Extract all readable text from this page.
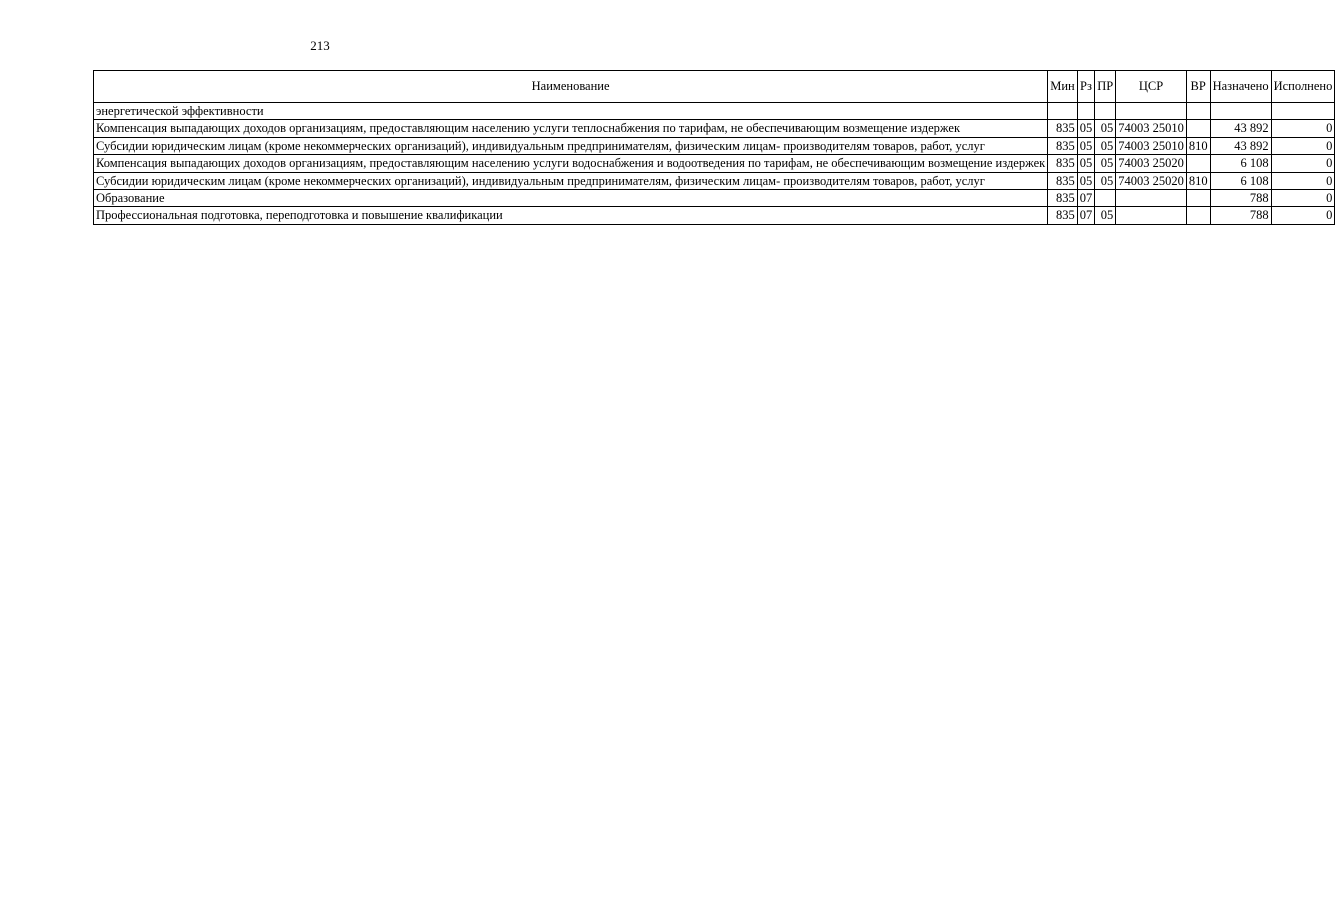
213
Наименование	Мин	Рз	ПР	ЦСР	ВР	Назначено	Исполнено
энергетической эффективности							
Компенсация выпадающих доходов организациям, предоставляющим населению услуги теплоснабжения по тарифам, не обеспечивающим возмещение издержек	835	05	05	74003 25010		43 892	0
Субсидии юридическим лицам (кроме некоммерческих организаций), индивидуальным предпринимателям, физическим лицам- производителям товаров, работ, услуг	835	05	05	74003 25010	810	43 892	0
Компенсация выпадающих доходов организациям, предоставляющим населению услуги водоснабжения и водоотведения по тарифам, не обеспечивающим возмещение издержек	835	05	05	74003 25020		6 108	0
Субсидии юридическим лицам (кроме некоммерческих организаций), индивидуальным предпринимателям, физическим лицам- производителям товаров, работ, услуг	835	05	05	74003 25020	810	6 108	0
Образование	835	07				788	0
Профессиональная подготовка, переподготовка и повышение квалификации	835	07	05			788	0
